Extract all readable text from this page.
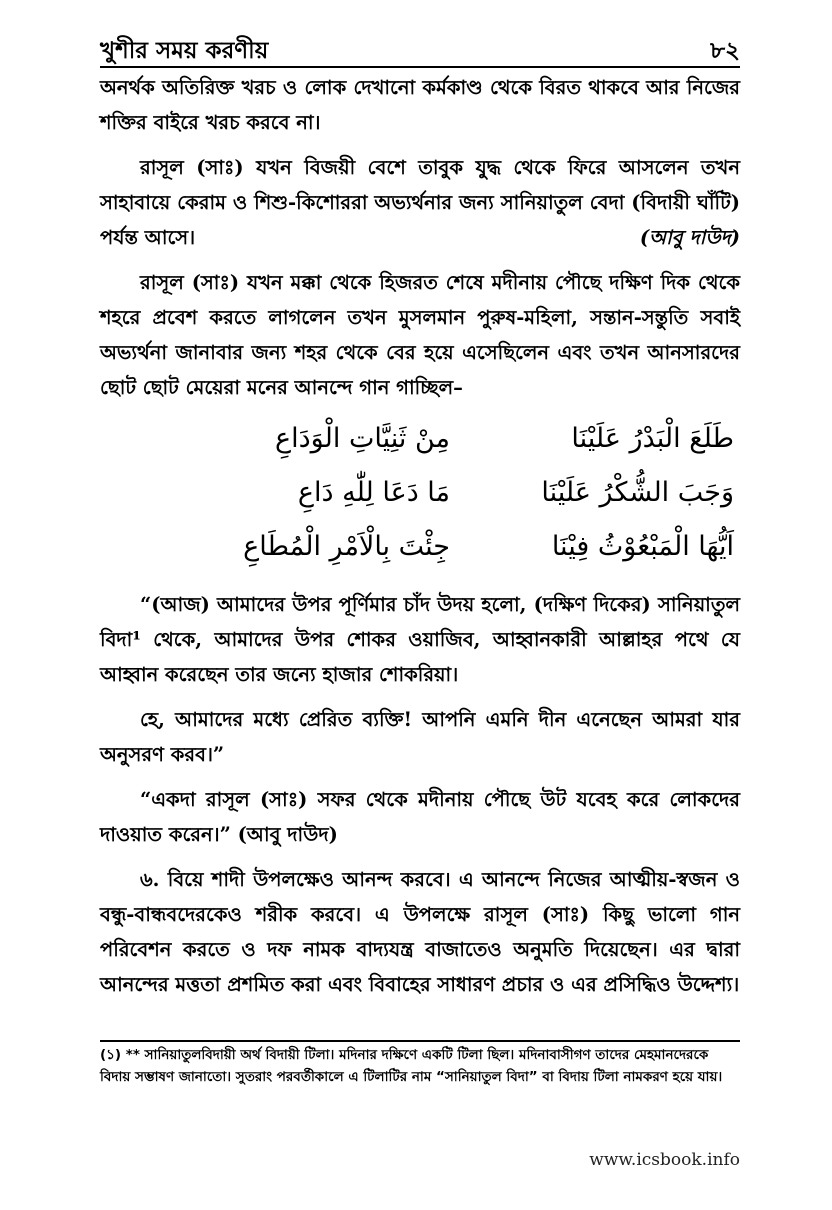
খুশীর সময় করণীয়	৮২

অনর্থক অতিরিক্ত খরচ ও লোক দেখানো কর্মকাণ্ড থেকে বিরত থাকবে আর নিজের শক্তির বাইরে খরচ করবে না।

রাসূল (সাঃ) যখন বিজয়ী বেশে তাবুক যুদ্ধ থেকে ফিরে আসলেন তখন সাহাবায়ে কেরাম ও শিশু-কিশোররা অভ্যর্থনার জন্য সানিয়াতুল বেদা (বিদায়ী ঘাঁটি) পর্যন্ত আসে।	(আবু দাউদ)

রাসূল (সাঃ) যখন মক্কা থেকে হিজরত শেষে মদীনায় পৌছে দক্ষিণ দিক থেকে শহরে প্রবেশ করতে লাগলেন তখন মুসলমান পুরুষ-মহিলা, সন্তান-সন্তুতি সবাই অভ্যর্থনা জানাবার জন্য শহর থেকে বের হয়ে এসেছিলেন এবং তখন আনসারদের ছোট ছোট মেয়েরা মনের আনন্দে গান গাচ্ছিল–

طَلَعَ الْبَدْرُ عَلَيْنَا
مِنْ ثَنِيَّاتِ الْوَدَاعِ
وَجَبَ الشُّكْرُ عَلَيْنَا
مَا دَعَا لِلّٰهِ دَاعِ
اَيُّهَا الْمَبْعُوْثُ فِيْنَا
جِئْتَ بِالْاَمْرِ الْمُطَاعِ

“(আজ) আমাদের উপর পূর্ণিমার চাঁদ উদয় হলো, (দক্ষিণ দিকের) সানিয়াতুল বিদা¹ থেকে, আমাদের উপর শোকর ওয়াজিব, আহ্বানকারী আল্লাহর পথে যে আহ্বান করেছেন তার জন্যে হাজার শোকরিয়া।

হে, আমাদের মধ্যে প্রেরিত ব্যক্তি! আপনি এমনি দীন এনেছেন আমরা যার অনুসরণ করব।”

“একদা রাসূল (সাঃ) সফর থেকে মদীনায় পৌছে উট যবেহ করে লোকদের দাওয়াত করেন।” (আবু দাউদ)

৬. বিয়ে শাদী উপলক্ষেও আনন্দ করবে। এ আনন্দে নিজের আত্মীয়-স্বজন ও বন্ধু-বান্ধবদেরকেও শরীক করবে। এ উপলক্ষে রাসূল (সাঃ) কিছু ভালো গান পরিবেশন করতে ও দফ নামক বাদ্যযন্ত্র বাজাতেও অনুমতি দিয়েছেন। এর দ্বারা আনন্দের মত্ততা প্রশমিত করা এবং বিবাহের সাধারণ প্রচার ও এর প্রসিদ্ধিও উদ্দেশ্য।

(১) ** সানিয়াতুলবিদায়ী অর্থ বিদায়ী টিলা। মদিনার দক্ষিণে একটি টিলা ছিল। মদিনাবাসীগণ তাদের মেহমানদেরকে বিদায় সম্ভাষণ জানাতো। সুতরাং পরবর্তীকালে এ টিলাটির নাম “সানিয়াতুল বিদা” বা বিদায় টিলা নামকরণ হয়ে যায়।
www.icsbook.info
